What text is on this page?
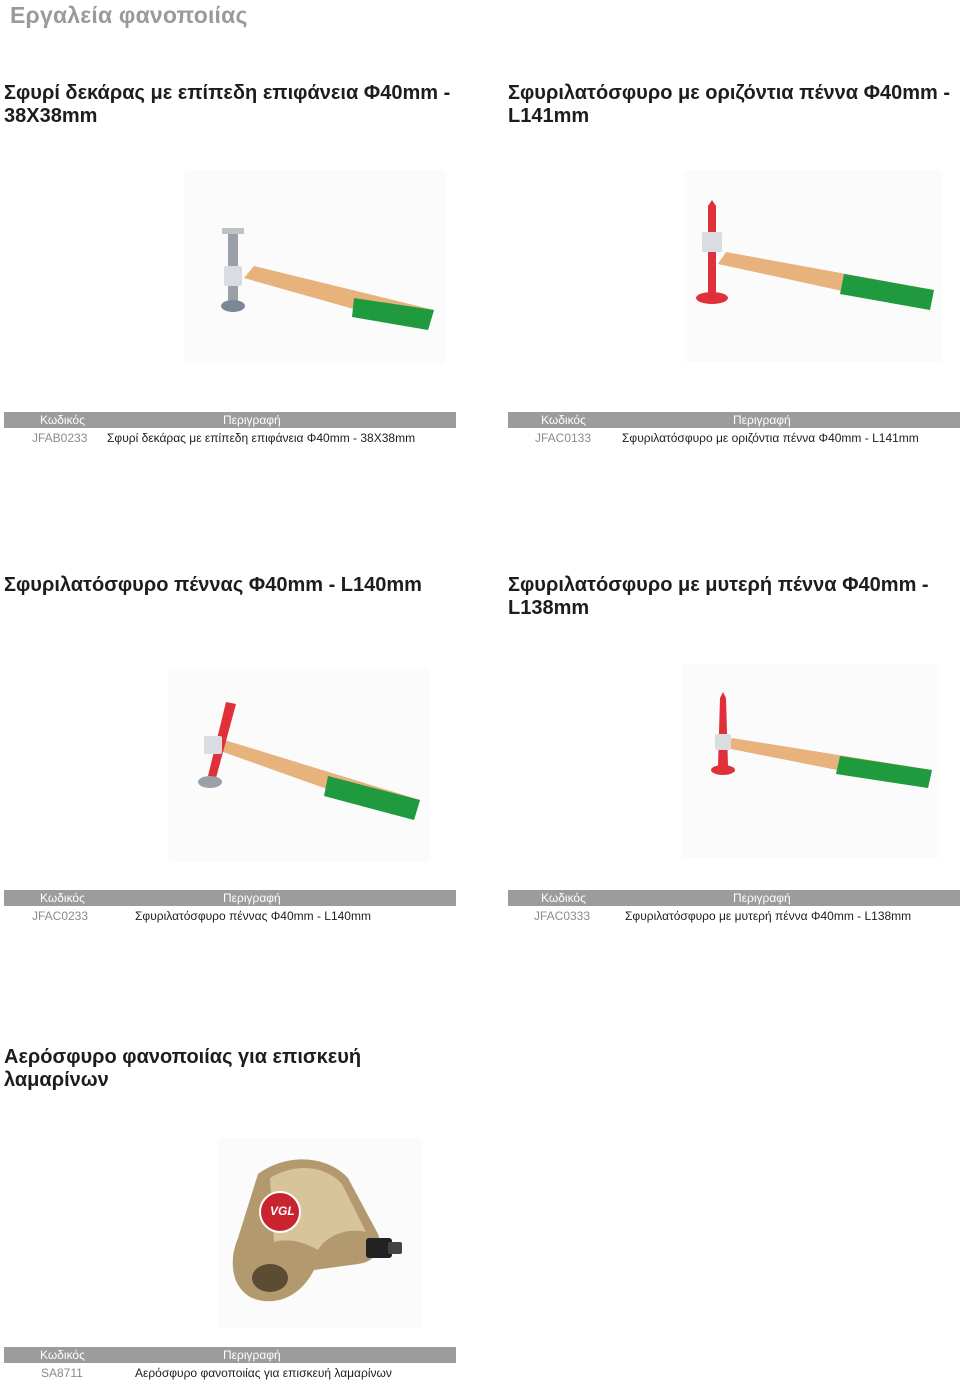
Εργαλεία φανοποιίας
Σφυρί δεκάρας με επίπεδη επιφάνεια Φ40mm - 38X38mm
Κωδικός	Περιγραφή
JFAB0233 Σφυρί δεκάρας με επίπεδη επιφάνεια Φ40mm - 38X38mm
Σφυριλατόσφυρο με οριζόντια πέννα Φ40mm - L141mm
Κωδικός	Περιγραφή
JFAC0133	Σφυριλατόσφυρο με οριζόντια πέννα Φ40mm - L141mm
Σφυριλατόσφυρο πέννας Φ40mm - L140mm
Κωδικός	Περιγραφή
JFAC0233	Σφυριλατόσφυρο πέννας Φ40mm - L140mm
Σφυριλατόσφυρο με μυτερή πέννα Φ40mm - L138mm
Κωδικός	Περιγραφή
JFAC0333	Σφυριλατόσφυρο με μυτερή πέννα Φ40mm - L138mm
Αερόσφυρο φανοποιίας για επισκευή λαμαρίνων
VGL
Κωδικός	Περιγραφή
SA8711	Αερόσφυρο φανοποιίας για επισκευή λαμαρίνων
